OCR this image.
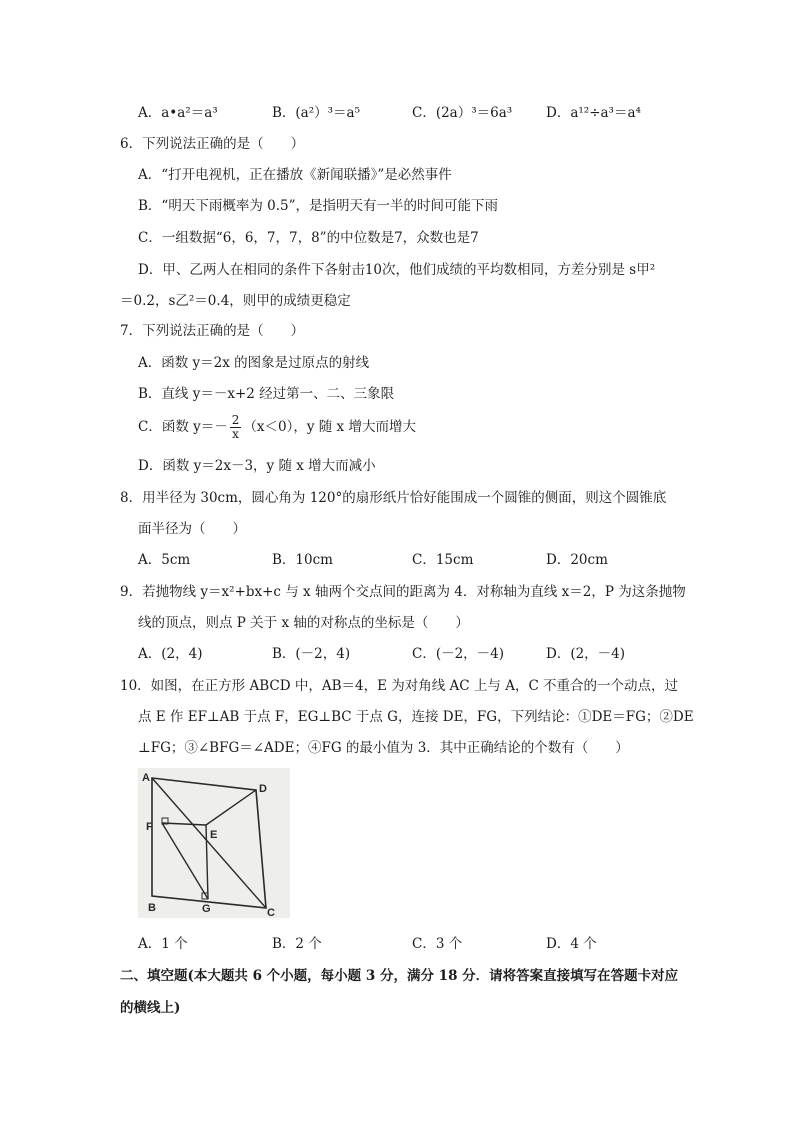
A．a•a²＝a³	B．(a²）³＝a⁵	C．(2a）³＝6a³	D．a¹²÷a³＝a⁴
6．下列说法正确的是（　　）
A．“打开电视机，正在播放《新闻联播》”是必然事件
B．“明天下雨概率为 0.5”，是指明天有一半的时间可能下雨
C．一组数据“6，6，7，7，8”的中位数是7，众数也是7
D．甲、乙两人在相同的条件下各射击10次，他们成绩的平均数相同，方差分别是 s甲²
＝0.2，s乙²＝0.4，则甲的成绩更稳定
7．下列说法正确的是（　　）
A．函数 y＝2x 的图象是过原点的射线
B．直线 y＝－x+2 经过第一、二、三象限
C．函数 $y=- \frac{2}{x} (x<0)$，y 随 x 增大而增大
D．函数 y＝2x－3，y 随 x 增大而减小
8．用半径为 30cm，圆心角为 120°的扇形纸片恰好能围成一个圆锥的侧面，则这个圆锥底
面半径为（　　）
A．5cm	B．10cm	C．15cm	D．20cm
9．若抛物线 y＝x²+bx+c 与 x 轴两个交点间的距离为 4．对称轴为直线 x＝2，P 为这条抛物
线的顶点，则点 P 关于 x 轴的对称点的坐标是（　　）
A．(2，4)	B．(－2，4)	C．(－2，－4)	D．(2，－4)
10．如图，在正方形 ABCD 中，AB＝4，E 为对角线 AC 上与 A，C 不重合的一个动点，过
点 E 作 EF⊥AB 于点 F，EG⊥BC 于点 G，连接 DE，FG，下列结论：①DE＝FG；②DE
⊥FG；③∠BFG＝∠ADE；④FG 的最小值为 3．其中正确结论的个数有（　　）
A
D
F
E
B	G	C
A．1 个	B．2 个	C．3 个	D．4 个
二、填空题(本大题共 6 个小题，每小题 3 分，满分 18 分．请将答案直接填写在答题卡对应
的横线上)
